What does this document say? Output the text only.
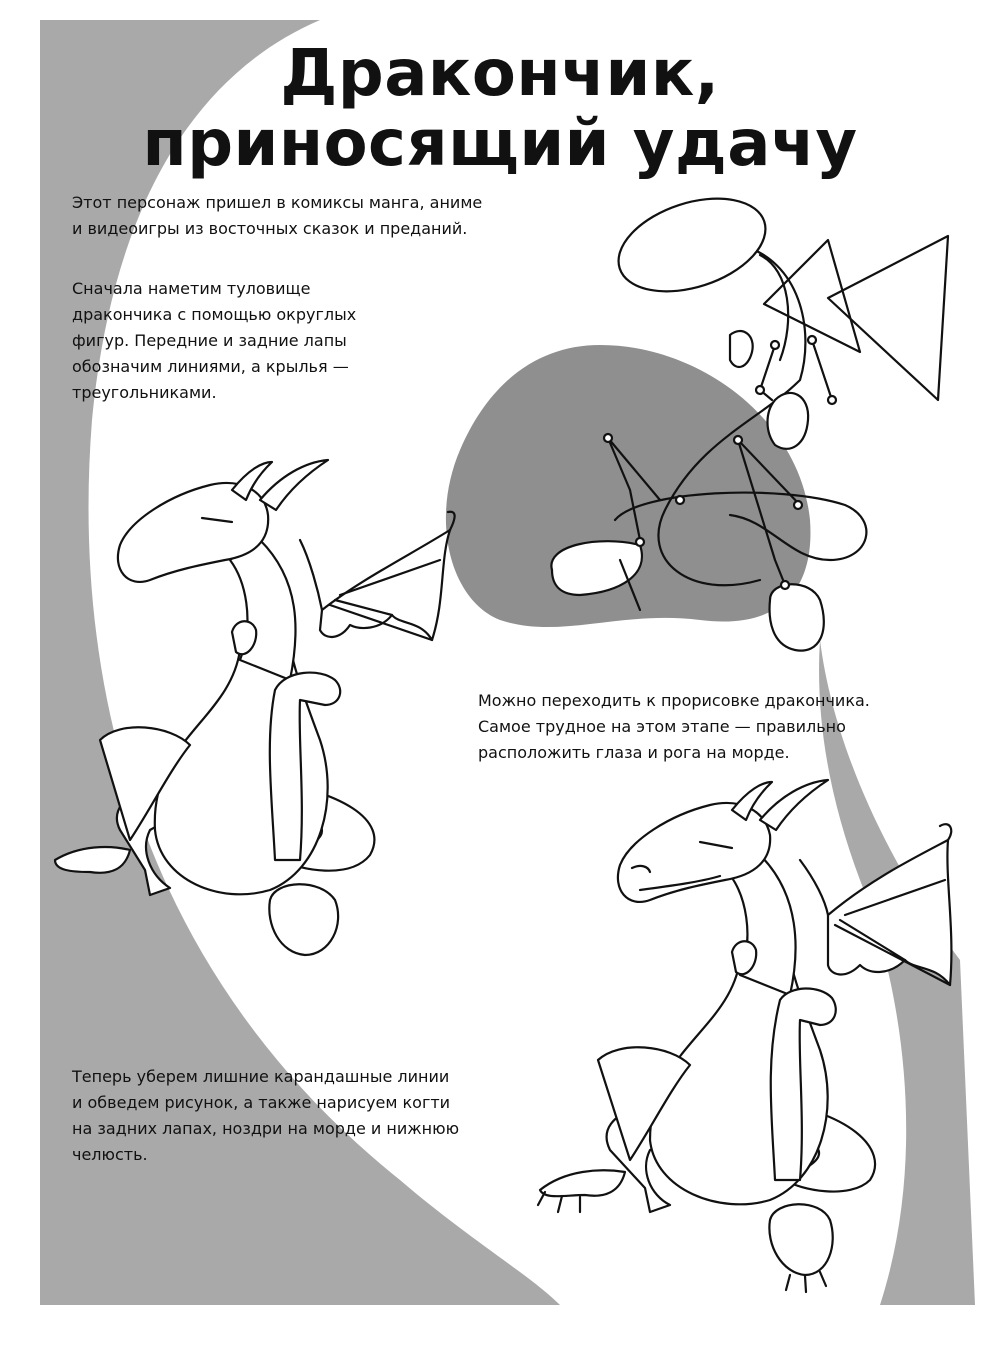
Дракончик,
приносящий удачу

Этот персонаж пришел в комиксы манга, аниме
и видеоигры из восточных сказок и преданий.

Сначала наметим туловище
дракончика с помощью округлых
фигур. Передние и задние лапы
обозначим линиями, а крылья —
треугольниками.

Можно переходить к прорисовке дракончика.
Самое трудное на этом этапе — правильно
расположить глаза и рога на морде.

Теперь уберем лишние карандашные линии
и обведем рисунок, а также нарисуем когти
на задних лапах, ноздри на морде и нижнюю
челюсть.
